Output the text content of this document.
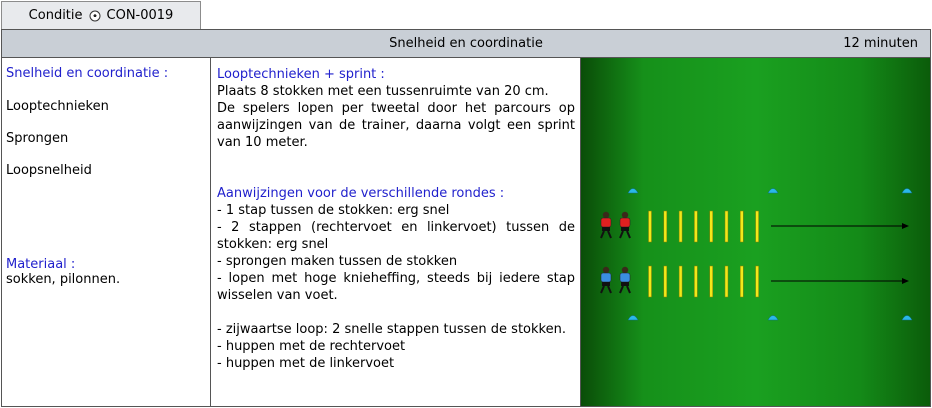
Conditie CON-0019
Snelheid en coordinatie	12 minuten

Snelheid en coordinatie :

Looptechnieken

Sprongen

Loopsnelheid

Materiaal :

sokken, pilonnen.

Looptechnieken + sprint :

Plaats 8 stokken met een tussenruimte van 20 cm.

De spelers lopen per tweetal door het parcours op aanwijzingen van de trainer, daarna volgt een sprint van 10 meter.

Aanwijzingen voor de verschillende rondes :

- 1 stap tussen de stokken: erg snel

- 2 stappen (rechtervoet en linkervoet) tussen de stokken: erg snel

- sprongen maken tussen de stokken

- lopen met hoge knieheffing, steeds bij iedere stap wisselen van voet.

- zijwaartse loop: 2 snelle stappen tussen de stokken.

- huppen met de rechtervoet

- huppen met de linkervoet
